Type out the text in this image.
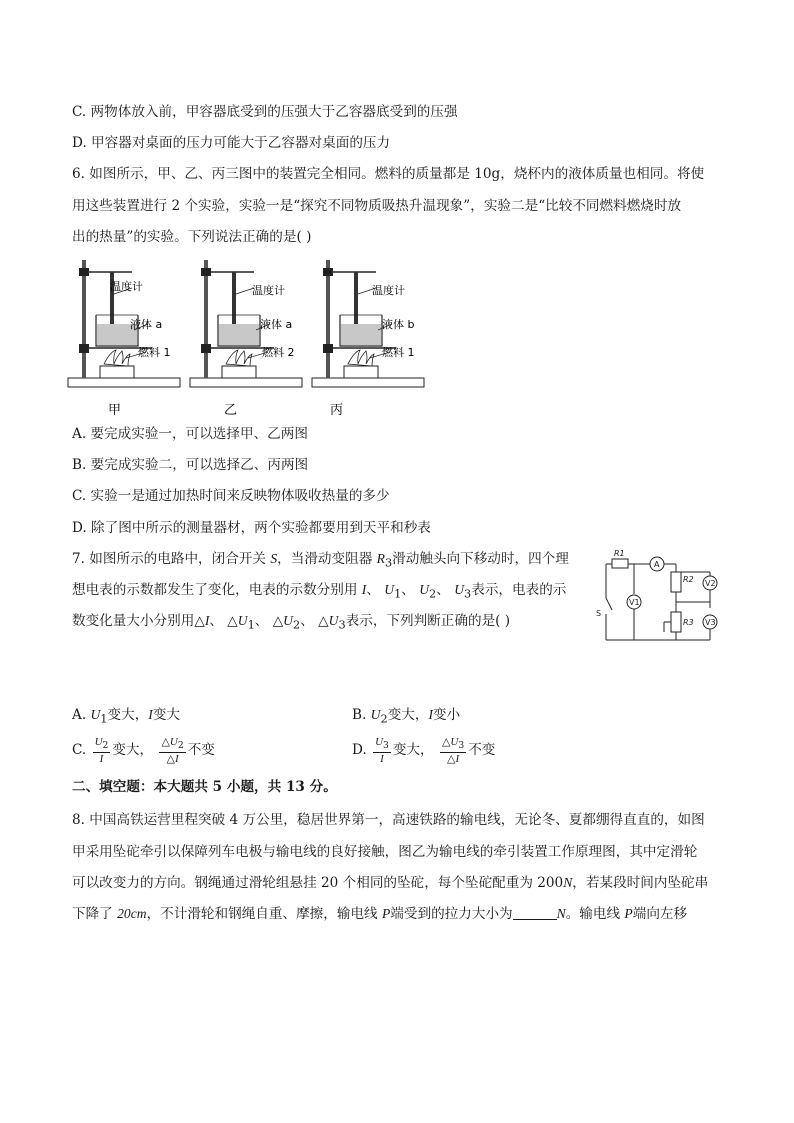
C. 两物体放入前，甲容器底受到的压强大于乙容器底受到的压强
D. 甲容器对桌面的压力可能大于乙容器对桌面的压力
6. 如图所示，甲、乙、丙三图中的装置完全相同。燃料的质量都是 10g，烧杯内的液体质量也相同。将使
用这些装置进行 2 个实验，实验一是“探究不同物质吸热升温现象”，实验二是“比较不同燃料燃烧时放
出的热量”的实验。下列说法正确的是( )
温度计
液体 a
燃料 1
甲
温度计
液体 a
燃料 2
乙
温度计
液体 b
燃料 1
丙
A. 要完成实验一，可以选择甲、乙两图
B. 要完成实验二，可以选择乙、丙两图
C. 实验一是通过加热时间来反映物体吸收热量的多少
D. 除了图中所示的测量器材，两个实验都要用到天平和秒表
7. 如图所示的电路中，闭合开关 S，当滑动变阻器 $R_3$滑动触头向下移动时，四个理
想电表的示数都发生了变化，电表的示数分别用 I、 $U_1$、 $U_2$、 $U_3$表示，电表的示
数变化量大小分别用△I、 $\triangle U_1$、 $\triangle U_2$、 $\triangle U_3$表示，下列判断正确的是( )
R1
A
R2
R3
V1
V2
V3
S
A. $U_1$变大，I变大	B. $U_2$变大，I变小
C. $\frac{U_2}{I}$ 变大， $\frac{\triangle U_2}{\triangle I}$ 不变	D. $\frac{U_3}{I}$ 变大， $\frac{\triangle U_3}{\triangle I}$ 不变
二、填空题：本大题共 5 小题，共 13 分。
8. 中国高铁运营里程突破 4 万公里，稳居世界第一，高速铁路的输电线，无论冬、夏都绷得直直的，如图
甲采用坠砣牵引以保障列车电极与输电线的良好接触，图乙为输电线的牵引装置工作原理图，其中定滑轮
可以改变力的方向。钢绳通过滑轮组悬挂 20 个相同的坠砣，每个坠砣配重为 200N，若某段时间内坠砣串
下降了 20cm，不计滑轮和钢绳自重、摩擦，输电线 P端受到的拉力大小为	N。输电线 P端向左移
